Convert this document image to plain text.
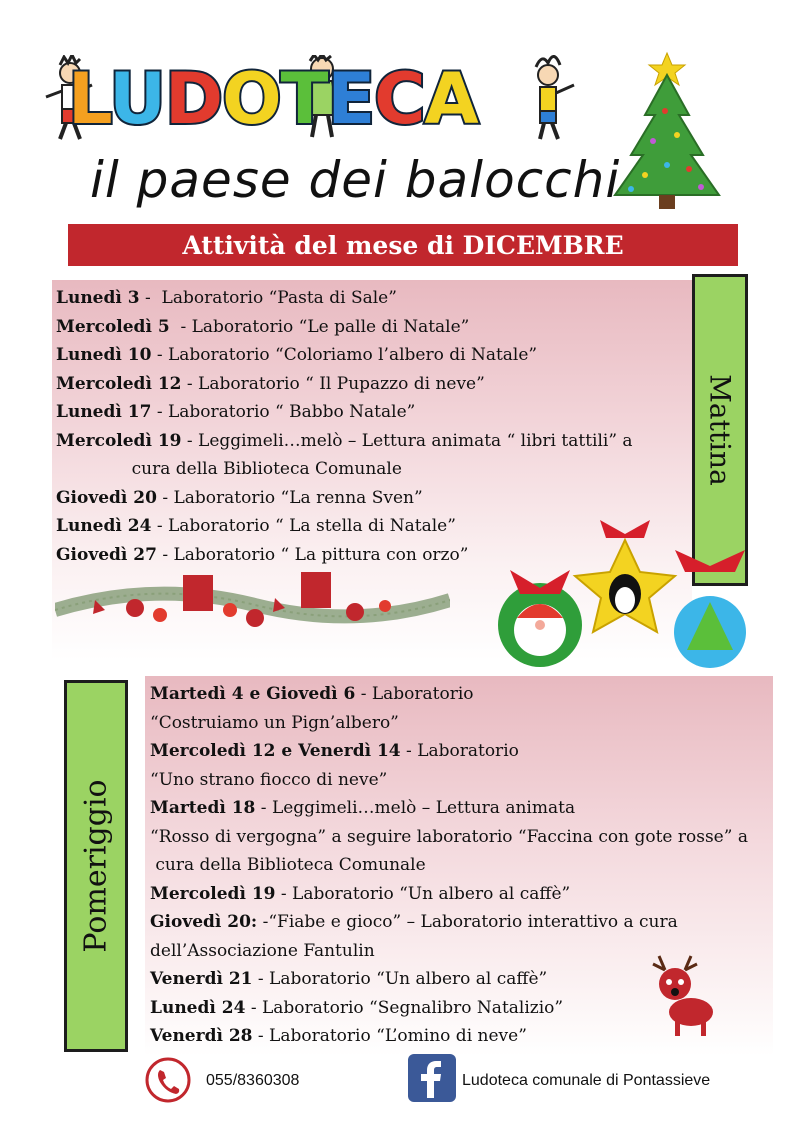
LUDOTECA
il paese dei balocchi
Attività del mese di DICEMBRE
Lunedì 3 -  Laboratorio “Pasta di Sale”
Mercoledì 5  - Laboratorio “Le palle di Natale”
Lunedì 10 - Laboratorio “Coloriamo l’albero di Natale”
Mercoledì 12 - Laboratorio “ Il Pupazzo di neve”
Lunedì 17 - Laboratorio “ Babbo Natale”
Mercoledì 19 - Leggimeli…melò – Lettura animata “ libri tattili” a
cura della Biblioteca Comunale
Giovedì 20 - Laboratorio “La renna Sven”
Lunedì 24 - Laboratorio “ La stella di Natale”
Giovedì 27 - Laboratorio “ La pittura con orzo”
Mattina
Pomeriggio
Martedì 4 e Giovedì 6 - Laboratorio
“Costruiamo un Pign’albero”
Mercoledì 12 e Venerdì 14 - Laboratorio
“Uno strano fiocco di neve”
Martedì 18 - Leggimeli…melò – Lettura animata
“Rosso di vergogna” a seguire laboratorio “Faccina con gote rosse” a
cura della Biblioteca Comunale
Mercoledì 19 - Laboratorio “Un albero al caffè”
Giovedì 20: -“Fiabe e gioco” – Laboratorio interattivo a cura
dell’Associazione Fantulin
Venerdì 21 - Laboratorio “Un albero al caffè”
Lunedì 24 - Laboratorio “Segnalibro Natalizio”
Venerdì 28 - Laboratorio “L’omino di neve”
055/8360308	Ludoteca comunale di Pontassieve
